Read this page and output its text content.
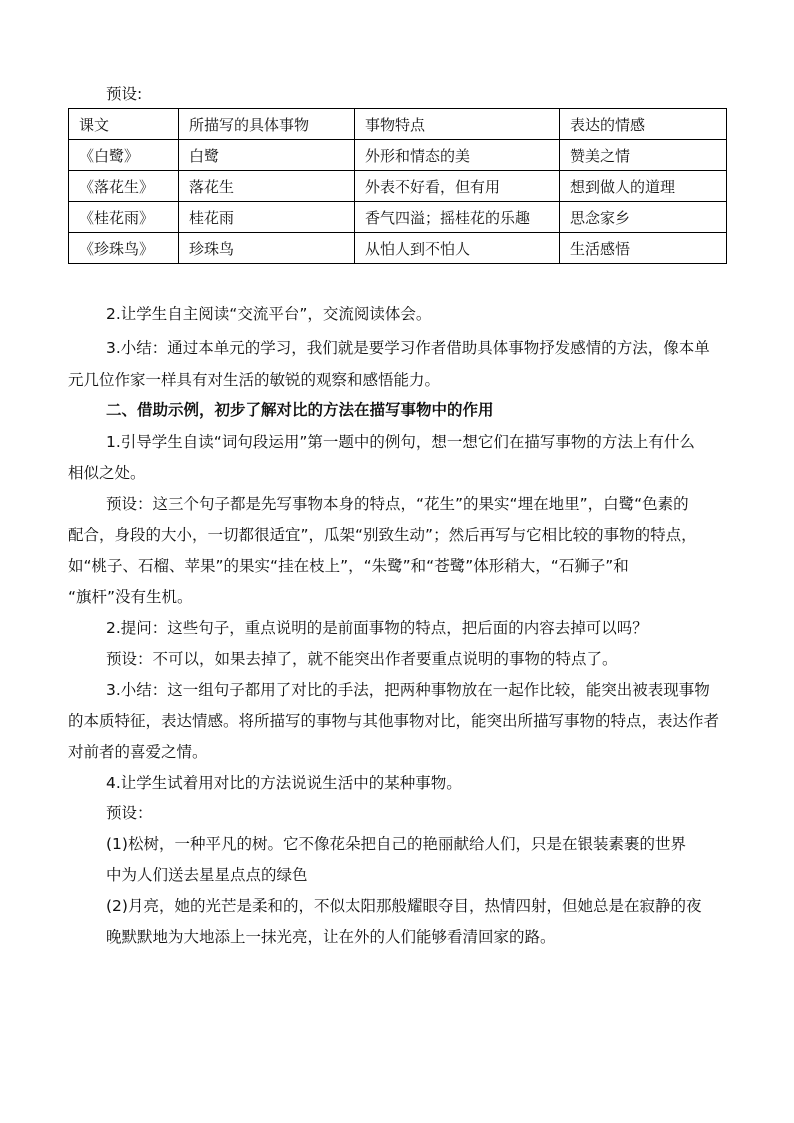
预设:
课文	所描写的具体事物	事物特点	表达的情感
《白鹭》	白鹭	外形和情态的美	赞美之情
《落花生》	落花生	外表不好看，但有用	想到做人的道理
《桂花雨》	桂花雨	香气四溢；摇桂花的乐趣	思念家乡
《珍珠鸟》	珍珠鸟	从怕人到不怕人	生活感悟
2.让学生自主阅读“交流平台”，交流阅读体会。
3.小结：通过本单元的学习，我们就是要学习作者借助具体事物抒发感情的方法，像本单
元几位作家一样具有对生活的敏锐的观察和感悟能力。
二、借助示例，初步了解对比的方法在描写事物中的作用
1.引导学生自读“词句段运用”第一题中的例句，想一想它们在描写事物的方法上有什么
相似之处。
预设：这三个句子都是先写事物本身的特点，“花生”的果实“埋在地里”，白鹭“色素的
配合，身段的大小，一切都很适宜”，瓜架“别致生动”；然后再写与它相比较的事物的特点，
如“桃子、石榴、苹果”的果实“挂在枝上”，“朱鹭”和“苍鹭”体形稍大，“石狮子”和
“旗杆”没有生机。
2.提问：这些句子，重点说明的是前面事物的特点，把后面的内容去掉可以吗？
预设：不可以，如果去掉了，就不能突出作者要重点说明的事物的特点了。
3.小结：这一组句子都用了对比的手法，把两种事物放在一起作比较，能突出被表现事物
的本质特征，表达情感。将所描写的事物与其他事物对比，能突出所描写事物的特点，表达作者
对前者的喜爱之情。
4.让学生试着用对比的方法说说生活中的某种事物。
预设：
(1)松树，一种平凡的树。它不像花朵把自己的艳丽献给人们，只是在银装素裹的世界
中为人们送去星星点点的绿色
(2)月亮，她的光芒是柔和的，不似太阳那般耀眼夺目，热情四射，但她总是在寂静的夜
晚默默地为大地添上一抹光亮，让在外的人们能够看清回家的路。
